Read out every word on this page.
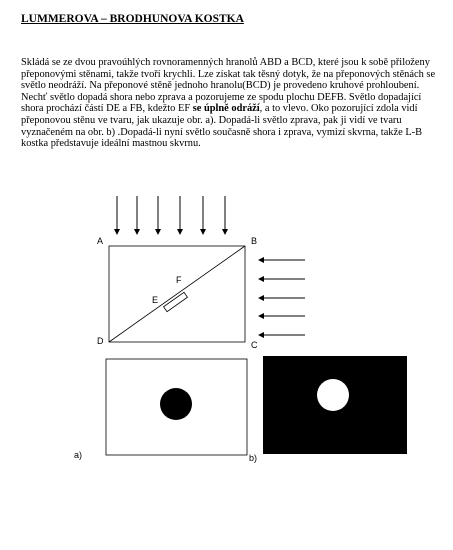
LUMMEROVA – BRODHUNOVA KOSTKA
Skládá se ze dvou pravoúhlých rovnoramenných hranolů ABD a BCD, které jsou k sobě přiloženy přeponovými stěnami, takže tvoří krychli. Lze získat tak těsný dotyk, že na přeponových stěnách se světlo neodráží. Na přeponové stěně jednoho hranolu(BCD) je provedeno kruhové prohloubení. Nechť světlo dopadá shora nebo zprava a pozorujeme ze spodu plochu DEFB. Světlo dopadající shora prochází částí DE a FB, kdežto EF se úplně odráží, a to vlevo. Oko pozorující zdola vidí přeponovou stěnu ve tvaru, jak ukazuje obr. a). Dopadá-li světlo zprava, pak ji vidí ve tvaru vyznačeném na obr. b) .Dopadá-li nyní světlo současně shora i zprava, vymizí skvrna, takže L-B kostka představuje ideální mastnou skvrnu.
A	B
C
D
E
F
a)	b)
